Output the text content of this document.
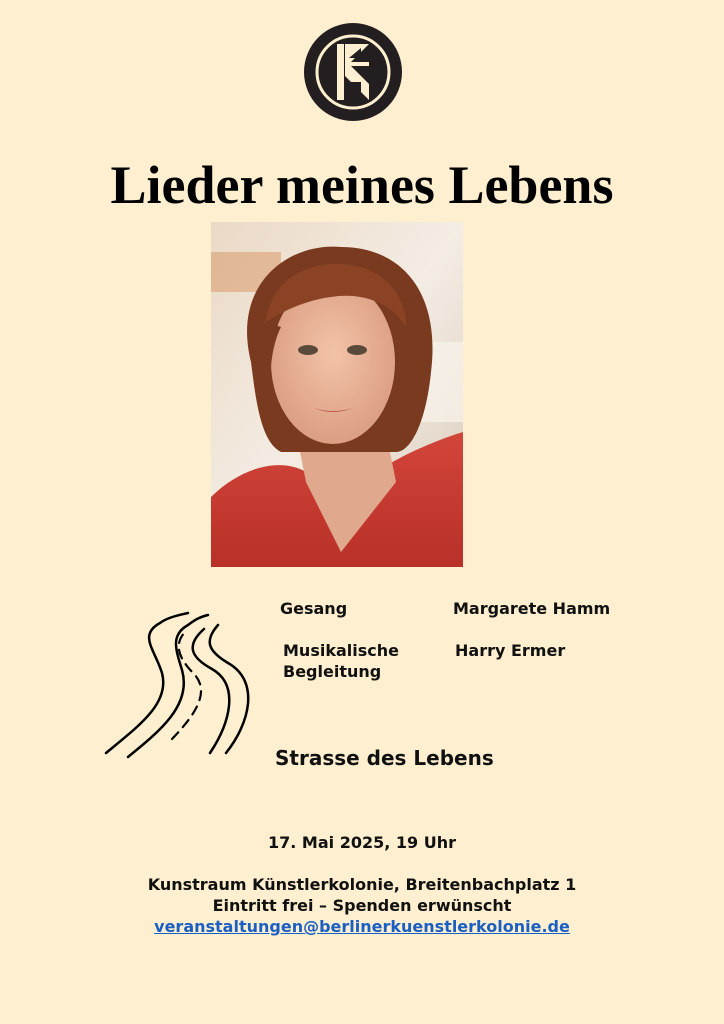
Lieder meines Lebens
Gesang	Margarete Hamm
Musikalische Begleitung
Harry Ermer
Strasse des Lebens
17. Mai 2025, 19 Uhr
Kunstraum Künstlerkolonie, Breitenbachplatz 1
Eintritt frei – Spenden erwünscht
veranstaltungen@berlinerkuenstlerkolonie.de
